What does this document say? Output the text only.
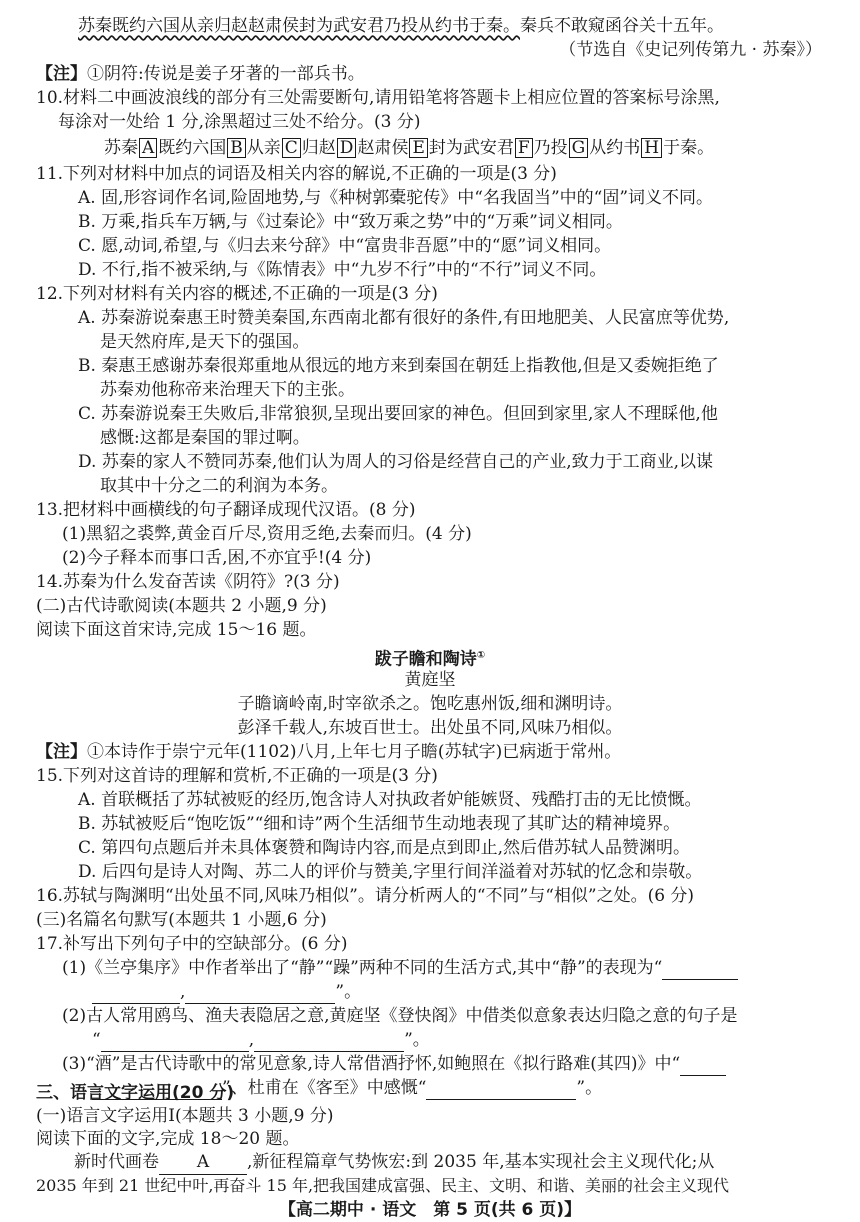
苏秦既约六国从亲归赵赵肃侯封为武安君乃投从约书于秦。秦兵不敢窥函谷关十五年。
（节选自《史记列传第九 · 苏秦》）
【注】①阴符:传说是姜子牙著的一部兵书。
10.材料二中画波浪线的部分有三处需要断句,请用铅笔将答题卡上相应位置的答案标号涂黑,
每涂对一处给 1 分,涂黑超过三处不给分。(3 分)
苏秦 A 既约六国 B 从亲 C 归赵 D 赵肃侯 E 封为武安君 F 乃投 G 从约书 H 于秦。
11.下列对材料中加点的词语及相关内容的解说,不正确的一项是(3 分)
A. 固,形容词作名词,险固地势,与《种树郭橐驼传》中“名我固当”中的“固”词义不同。
B. 万乘,指兵车万辆,与《过秦论》中“致万乘之势”中的“万乘”词义相同。
C. 愿,动词,希望,与《归去来兮辞》中“富贵非吾愿”中的“愿”词义相同。
D. 不行,指不被采纳,与《陈情表》中“九岁不行”中的“不行”词义不同。
12.下列对材料有关内容的概述,不正确的一项是(3 分)
A. 苏秦游说秦惠王时赞美秦国,东西南北都有很好的条件,有田地肥美、人民富庶等优势,
是天然府库,是天下的强国。
B. 秦惠王感谢苏秦很郑重地从很远的地方来到秦国在朝廷上指教他,但是又委婉拒绝了
苏秦劝他称帝来治理天下的主张。
C. 苏秦游说秦王失败后,非常狼狈,呈现出要回家的神色。但回到家里,家人不理睬他,他
感慨:这都是秦国的罪过啊。
D. 苏秦的家人不赞同苏秦,他们认为周人的习俗是经营自己的产业,致力于工商业,以谋
取其中十分之二的利润为本务。
13.把材料中画横线的句子翻译成现代汉语。(8 分)
(1)黑貂之裘弊,黄金百斤尽,资用乏绝,去秦而归。(4 分)
(2)今子释本而事口舌,困,不亦宜乎!(4 分)
14.苏秦为什么发奋苦读《阴符》?(3 分)
(二)古代诗歌阅读(本题共 2 小题,9 分)
阅读下面这首宋诗,完成 15～16 题。
跋子瞻和陶诗①
黄庭坚
子瞻谪岭南,时宰欲杀之。饱吃惠州饭,细和渊明诗。
彭泽千载人,东坡百世士。出处虽不同,风味乃相似。
【注】①本诗作于崇宁元年(1102)八月,上年七月子瞻(苏轼字)已病逝于常州。
15.下列对这首诗的理解和赏析,不正确的一项是(3 分)
A. 首联概括了苏轼被贬的经历,饱含诗人对执政者妒能嫉贤、残酷打击的无比愤慨。
B. 苏轼被贬后“饱吃饭”“细和诗”两个生活细节生动地表现了其旷达的精神境界。
C. 第四句点题后并未具体褒赞和陶诗内容,而是点到即止,然后借苏轼人品赞渊明。
D. 后四句是诗人对陶、苏二人的评价与赞美,字里行间洋溢着对苏轼的忆念和崇敬。
16.苏轼与陶渊明“出处虽不同,风味乃相似”。请分析两人的“不同”与“相似”之处。(6 分)
(三)名篇名句默写(本题共 1 小题,6 分)
17.补写出下列句子中的空缺部分。(6 分)
(1)《兰亭集序》中作者举出了“静”“躁”两种不同的生活方式,其中“静”的表现为“
,	”。
(2)古人常用鸥鸟、渔夫表隐居之意,黄庭坚《登快阁》中借类似意象表达归隐之意的句子是
“	,	”。
(3)“酒”是古代诗歌中的常见意象,诗人常借酒抒怀,如鲍照在《拟行路难(其四)》中“
”、杜甫在《客至》中感慨“	”。
三、语言文字运用(20 分)
(一)语言文字运用Ⅰ(本题共 3 小题,9 分)
阅读下面的文字,完成 18～20 题。
新时代画卷 A ,新征程篇章气势恢宏:到 2035 年,基本实现社会主义现代化;从
2035 年到 21 世纪中叶,再奋斗 15 年,把我国建成富强、民主、文明、和谐、美丽的社会主义现代
【高二期中 · 语文　第 5 页(共 6 页)】
